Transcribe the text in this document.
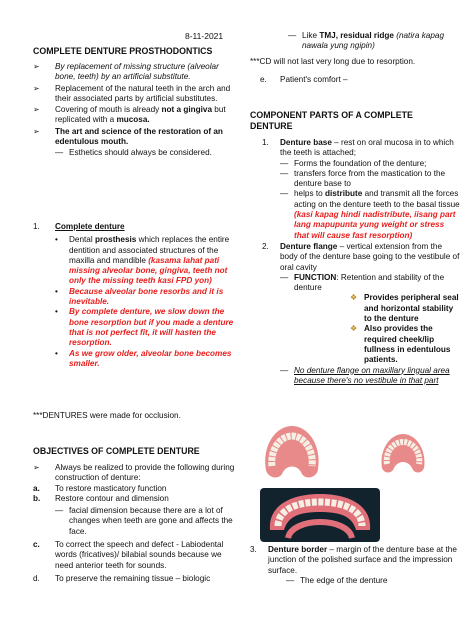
8-11-2021
COMPLETE DENTURE PROSTHODONTICS
➢	By replacement of missing structure (alveolar bone, teeth) by an artificial substitute.
➢	Replacement of the natural teeth in the arch and their associated parts by artificial substitutes.
➢	Covering of mouth is already not a gingiva but replicated with a mucosa.
➢	The art and science of the restoration of an edentulous mouth.
— Esthetics should always be considered.
1.	Complete denture
•	Dental prosthesis which replaces the entire dentition and associated structures of the maxilla and mandible (kasama lahat pati missing alveolar bone, gingiva, teeth not only the missing teeth kasi FPD yon)
•	Because alveolar bone resorbs and it is inevitable.
•	By complete denture, we slow down the bone resorption but if you made a denture that is not perfect fit, it will hasten the resorption.
•	As we grow older, alveolar bone becomes smaller.

***DENTURES were made for occlusion.

OBJECTIVES OF COMPLETE DENTURE
➢	Always be realized to provide the following during construction of denture:
a.	To restore masticatory function
b.	Restore contour and dimension
— facial dimension because there are a lot of changes when teeth are gone and affects the face.
c.	To correct the speech and defect - Labiodental words (fricatives)/ bilabial sounds because we need anterior teeth for sounds.
d.	To preserve the remaining tissue – biologic
— Like TMJ, residual ridge (natira kapag nawala yung ngipin)

***CD will not last very long due to resorption.

e.	Patient's comfort –
COMPONENT PARTS OF A COMPLETE DENTURE
1.	Denture base – rest on oral mucosa in to which the teeth is attached;
— Forms the foundation of the denture;
— transfers force from the mastication to the denture base to
— helps to distribute and transmit all the forces acting on the denture teeth to the basal tissue (kasi kapag hindi nadistribute, iisang part lang mapupunta yung weight or stress that will cause fast resorption)
2.	Denture flange – vertical extension from the body of the denture base going to the vestibule of oral cavity
— FUNCTION: Retention and stability of the denture
❖ Provides peripheral seal and horizontal stability to the denture
❖ Also provides the required cheek/lip fullness in edentulous patients.
— No denture flange on maxillary lingual area because there's no vestibule in that part
3.	Denture border – margin of the denture base at the junction of the polished surface and the impression surface.
— The edge of the denture
